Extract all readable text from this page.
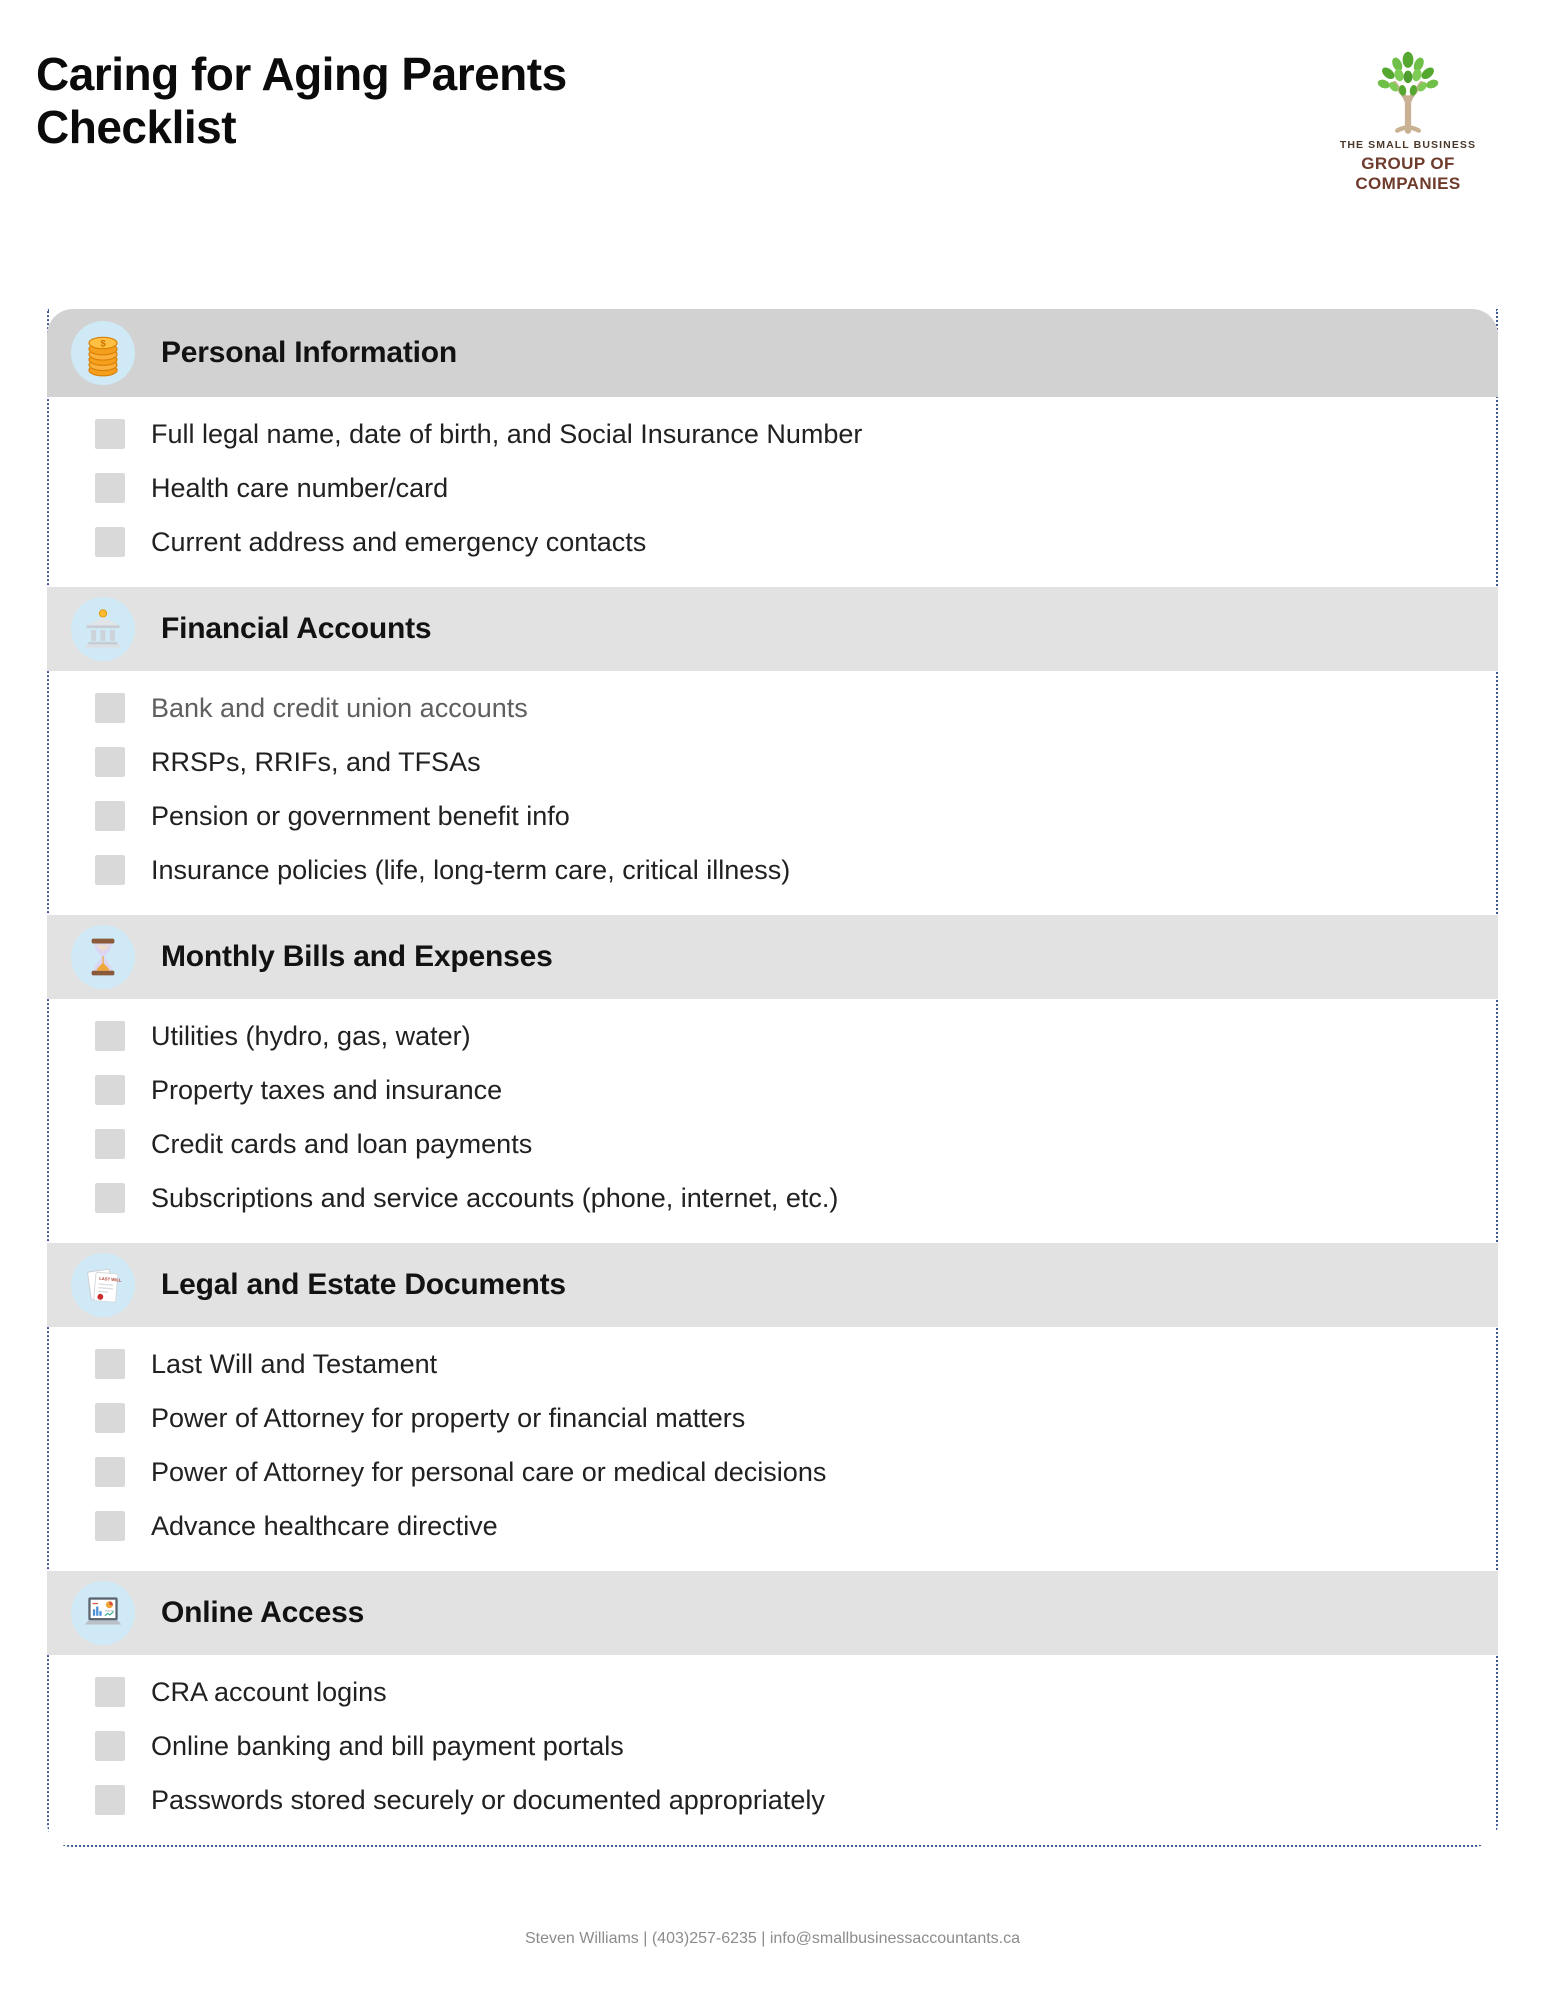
Caring for Aging Parents Checklist	THE SMALL BUSINESS
GROUP OF COMPANIES
$ Personal Information
Full legal name, date of birth, and Social Insurance Number
Health care number/card
Current address and emergency contacts
Financial Accounts
Bank and credit union accounts
RRSPs, RRIFs, and TFSAs
Pension or government benefit info
Insurance policies (life, long-term care, critical illness)
Monthly Bills and Expenses
Utilities (hydro, gas, water)
Property taxes and insurance
Credit cards and loan payments
Subscriptions and service accounts (phone, internet, etc.)
LAST WILL Legal and Estate Documents
Last Will and Testament
Power of Attorney for property or financial matters
Power of Attorney for personal care or medical decisions
Advance healthcare directive
Online Access
CRA account logins
Online banking and bill payment portals
Passwords stored securely or documented appropriately
Steven Williams | (403)257-6235 | info@smallbusinessaccountants.ca
